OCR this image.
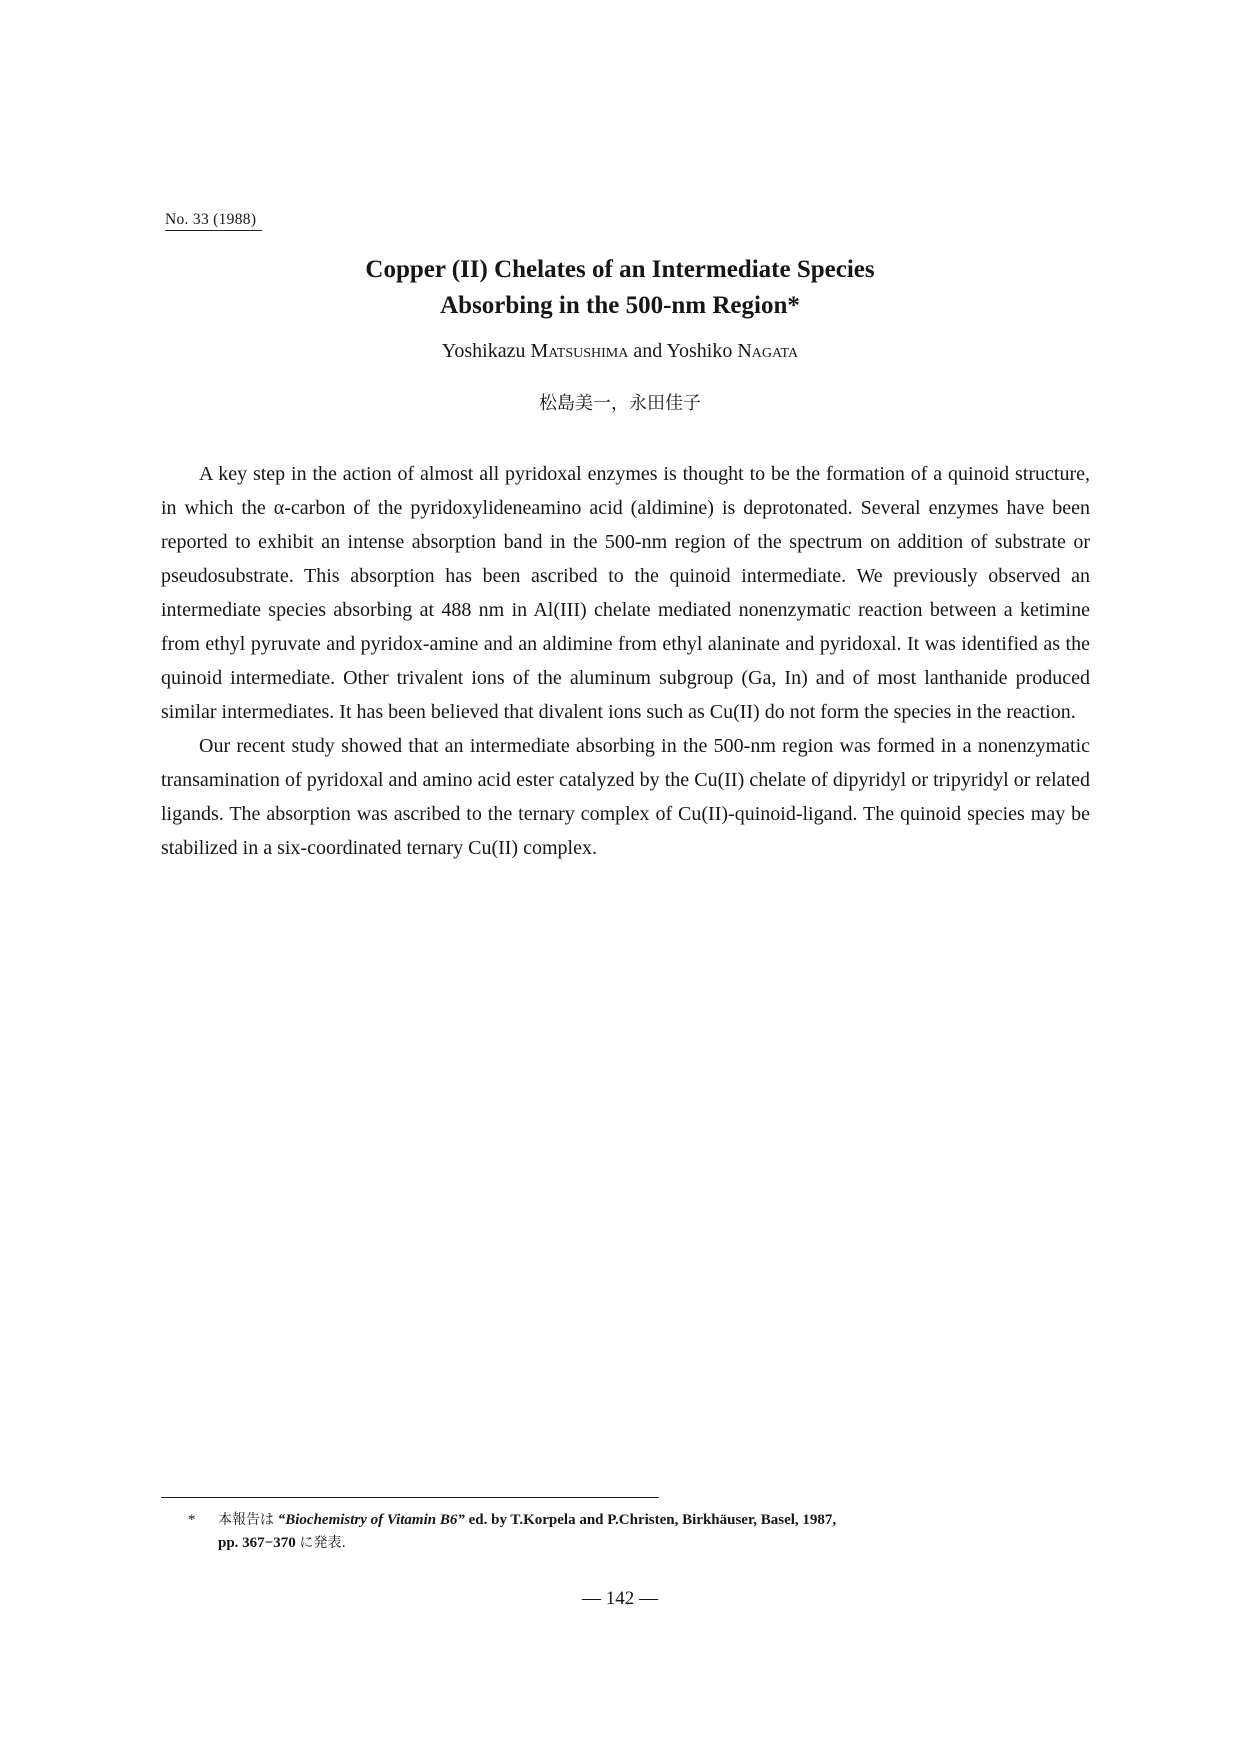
No. 33 (1988)
Copper (II) Chelates of an Intermediate Species
Absorbing in the 500-nm Region*
Yoshikazu Matsushima and Yoshiko Nagata
松島美一，永田佳子

A key step in the action of almost all pyridoxal enzymes is thought to be the formation of a quinoid structure, in which the α-carbon of the pyridoxylideneamino acid (aldimine) is deprotonated. Several enzymes have been reported to exhibit an intense absorption band in the 500-nm region of the spectrum on addition of substrate or pseudosubstrate. This absorption has been ascribed to the quinoid intermediate. We previously observed an intermediate species absorbing at 488 nm in Al(III) chelate mediated nonenzymatic reaction between a ketimine from ethyl pyruvate and pyridox-amine and an aldimine from ethyl alaninate and pyridoxal. It was identified as the quinoid intermediate. Other trivalent ions of the aluminum subgroup (Ga, In) and of most lanthanide produced similar intermediates. It has been believed that divalent ions such as Cu(II) do not form the species in the reaction.

Our recent study showed that an intermediate absorbing in the 500-nm region was formed in a nonenzymatic transamination of pyridoxal and amino acid ester catalyzed by the Cu(II) chelate of dipyridyl or tripyridyl or related ligands. The absorption was ascribed to the ternary complex of Cu(II)-quinoid-ligand. The quinoid species may be stabilized in a six-coordinated ternary Cu(II) complex.

*	本報告は “Biochemistry of Vitamin B6” ed. by T.Korpela and P.Christen, Birkhäuser, Basel, 1987,
pp. 367−370 に発表.
— 142 —
